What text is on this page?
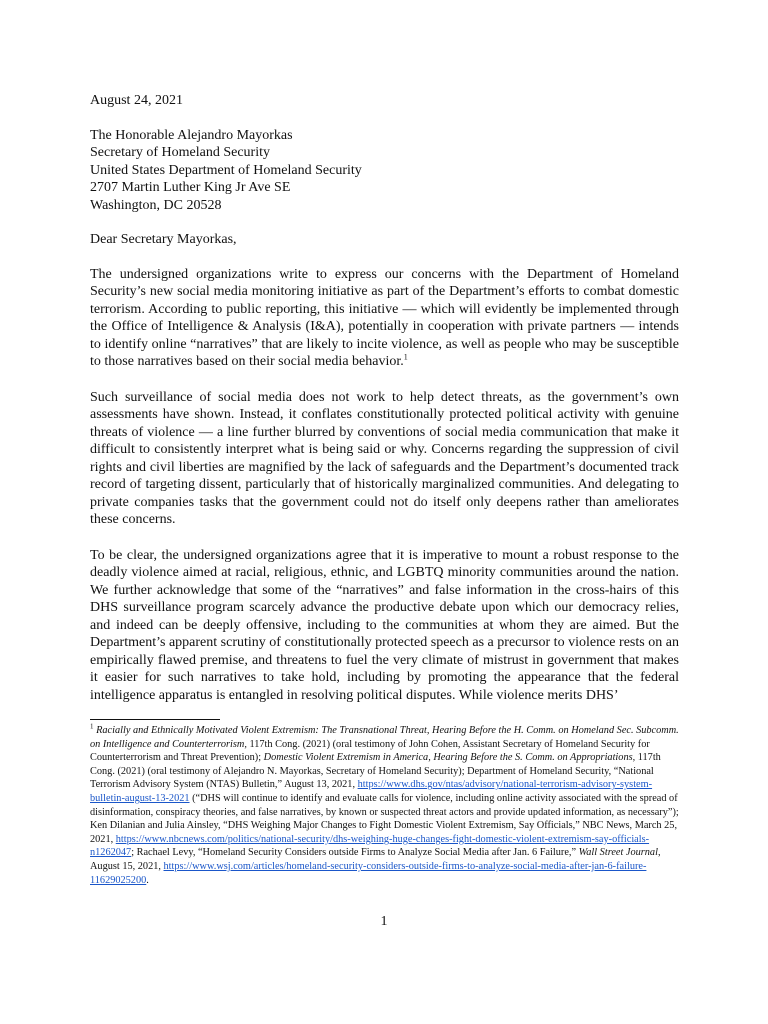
August 24, 2021

The Honorable Alejandro Mayorkas

Secretary of Homeland Security

United States Department of Homeland Security

2707 Martin Luther King Jr Ave SE

Washington, DC 20528

Dear Secretary Mayorkas,

The undersigned organizations write to express our concerns with the Department of Homeland Security’s new social media monitoring initiative as part of the Department’s efforts to combat domestic terrorism. According to public reporting, this initiative — which will evidently be implemented through the Office of Intelligence & Analysis (I&A), potentially in cooperation with private partners — intends to identify online “narratives” that are likely to incite violence, as well as people who may be susceptible to those narratives based on their social media behavior.$^1$

Such surveillance of social media does not work to help detect threats, as the government’s own assessments have shown. Instead, it conflates constitutionally protected political activity with genuine threats of violence — a line further blurred by conventions of social media communication that make it difficult to consistently interpret what is being said or why. Concerns regarding the suppression of civil rights and civil liberties are magnified by the lack of safeguards and the Department’s documented track record of targeting dissent, particularly that of historically marginalized communities. And delegating to private companies tasks that the government could not do itself only deepens rather than ameliorates these concerns.

To be clear, the undersigned organizations agree that it is imperative to mount a robust response to the deadly violence aimed at racial, religious, ethnic, and LGBTQ minority communities around the nation. We further acknowledge that some of the “narratives” and false information in the cross-hairs of this DHS surveillance program scarcely advance the productive debate upon which our democracy relies, and indeed can be deeply offensive, including to the communities at whom they are aimed. But the Department’s apparent scrutiny of constitutionally protected speech as a precursor to violence rests on an empirically flawed premise, and threatens to fuel the very climate of mistrust in government that makes it easier for such narratives to take hold, including by promoting the appearance that the federal intelligence apparatus is entangled in resolving political disputes. While violence merits DHS’

$^1$ Racially and Ethnically Motivated Violent Extremism: The Transnational Threat, Hearing Before the H. Comm. on Homeland Sec. Subcomm. on Intelligence and Counterterrorism, 117th Cong. (2021) (oral testimony of John Cohen, Assistant Secretary of Homeland Security for Counterterrorism and Threat Prevention); Domestic Violent Extremism in America, Hearing Before the S. Comm. on Appropriations, 117th Cong. (2021) (oral testimony of Alejandro N. Mayorkas, Secretary of Homeland Security); Department of Homeland Security, “National Terrorism Advisory System (NTAS) Bulletin,” August 13, 2021, https://www.dhs.gov/ntas/advisory/national-terrorism-advisory-system-bulletin-august-13-2021 (“DHS will continue to identify and evaluate calls for violence, including online activity associated with the spread of disinformation, conspiracy theories, and false narratives, by known or suspected threat actors and provide updated information, as necessary”); Ken Dilanian and Julia Ainsley, “DHS Weighing Major Changes to Fight Domestic Violent Extremism, Say Officials,” NBC News, March 25, 2021, https://www.nbcnews.com/politics/national-security/dhs-weighing-huge-changes-fight-domestic-violent-extremism-say-officials-n1262047; Rachael Levy, “Homeland Security Considers outside Firms to Analyze Social Media after Jan. 6 Failure,” Wall Street Journal, August 15, 2021, https://www.wsj.com/articles/homeland-security-considers-outside-firms-to-analyze-social-media-after-jan-6-failure-11629025200.
1
